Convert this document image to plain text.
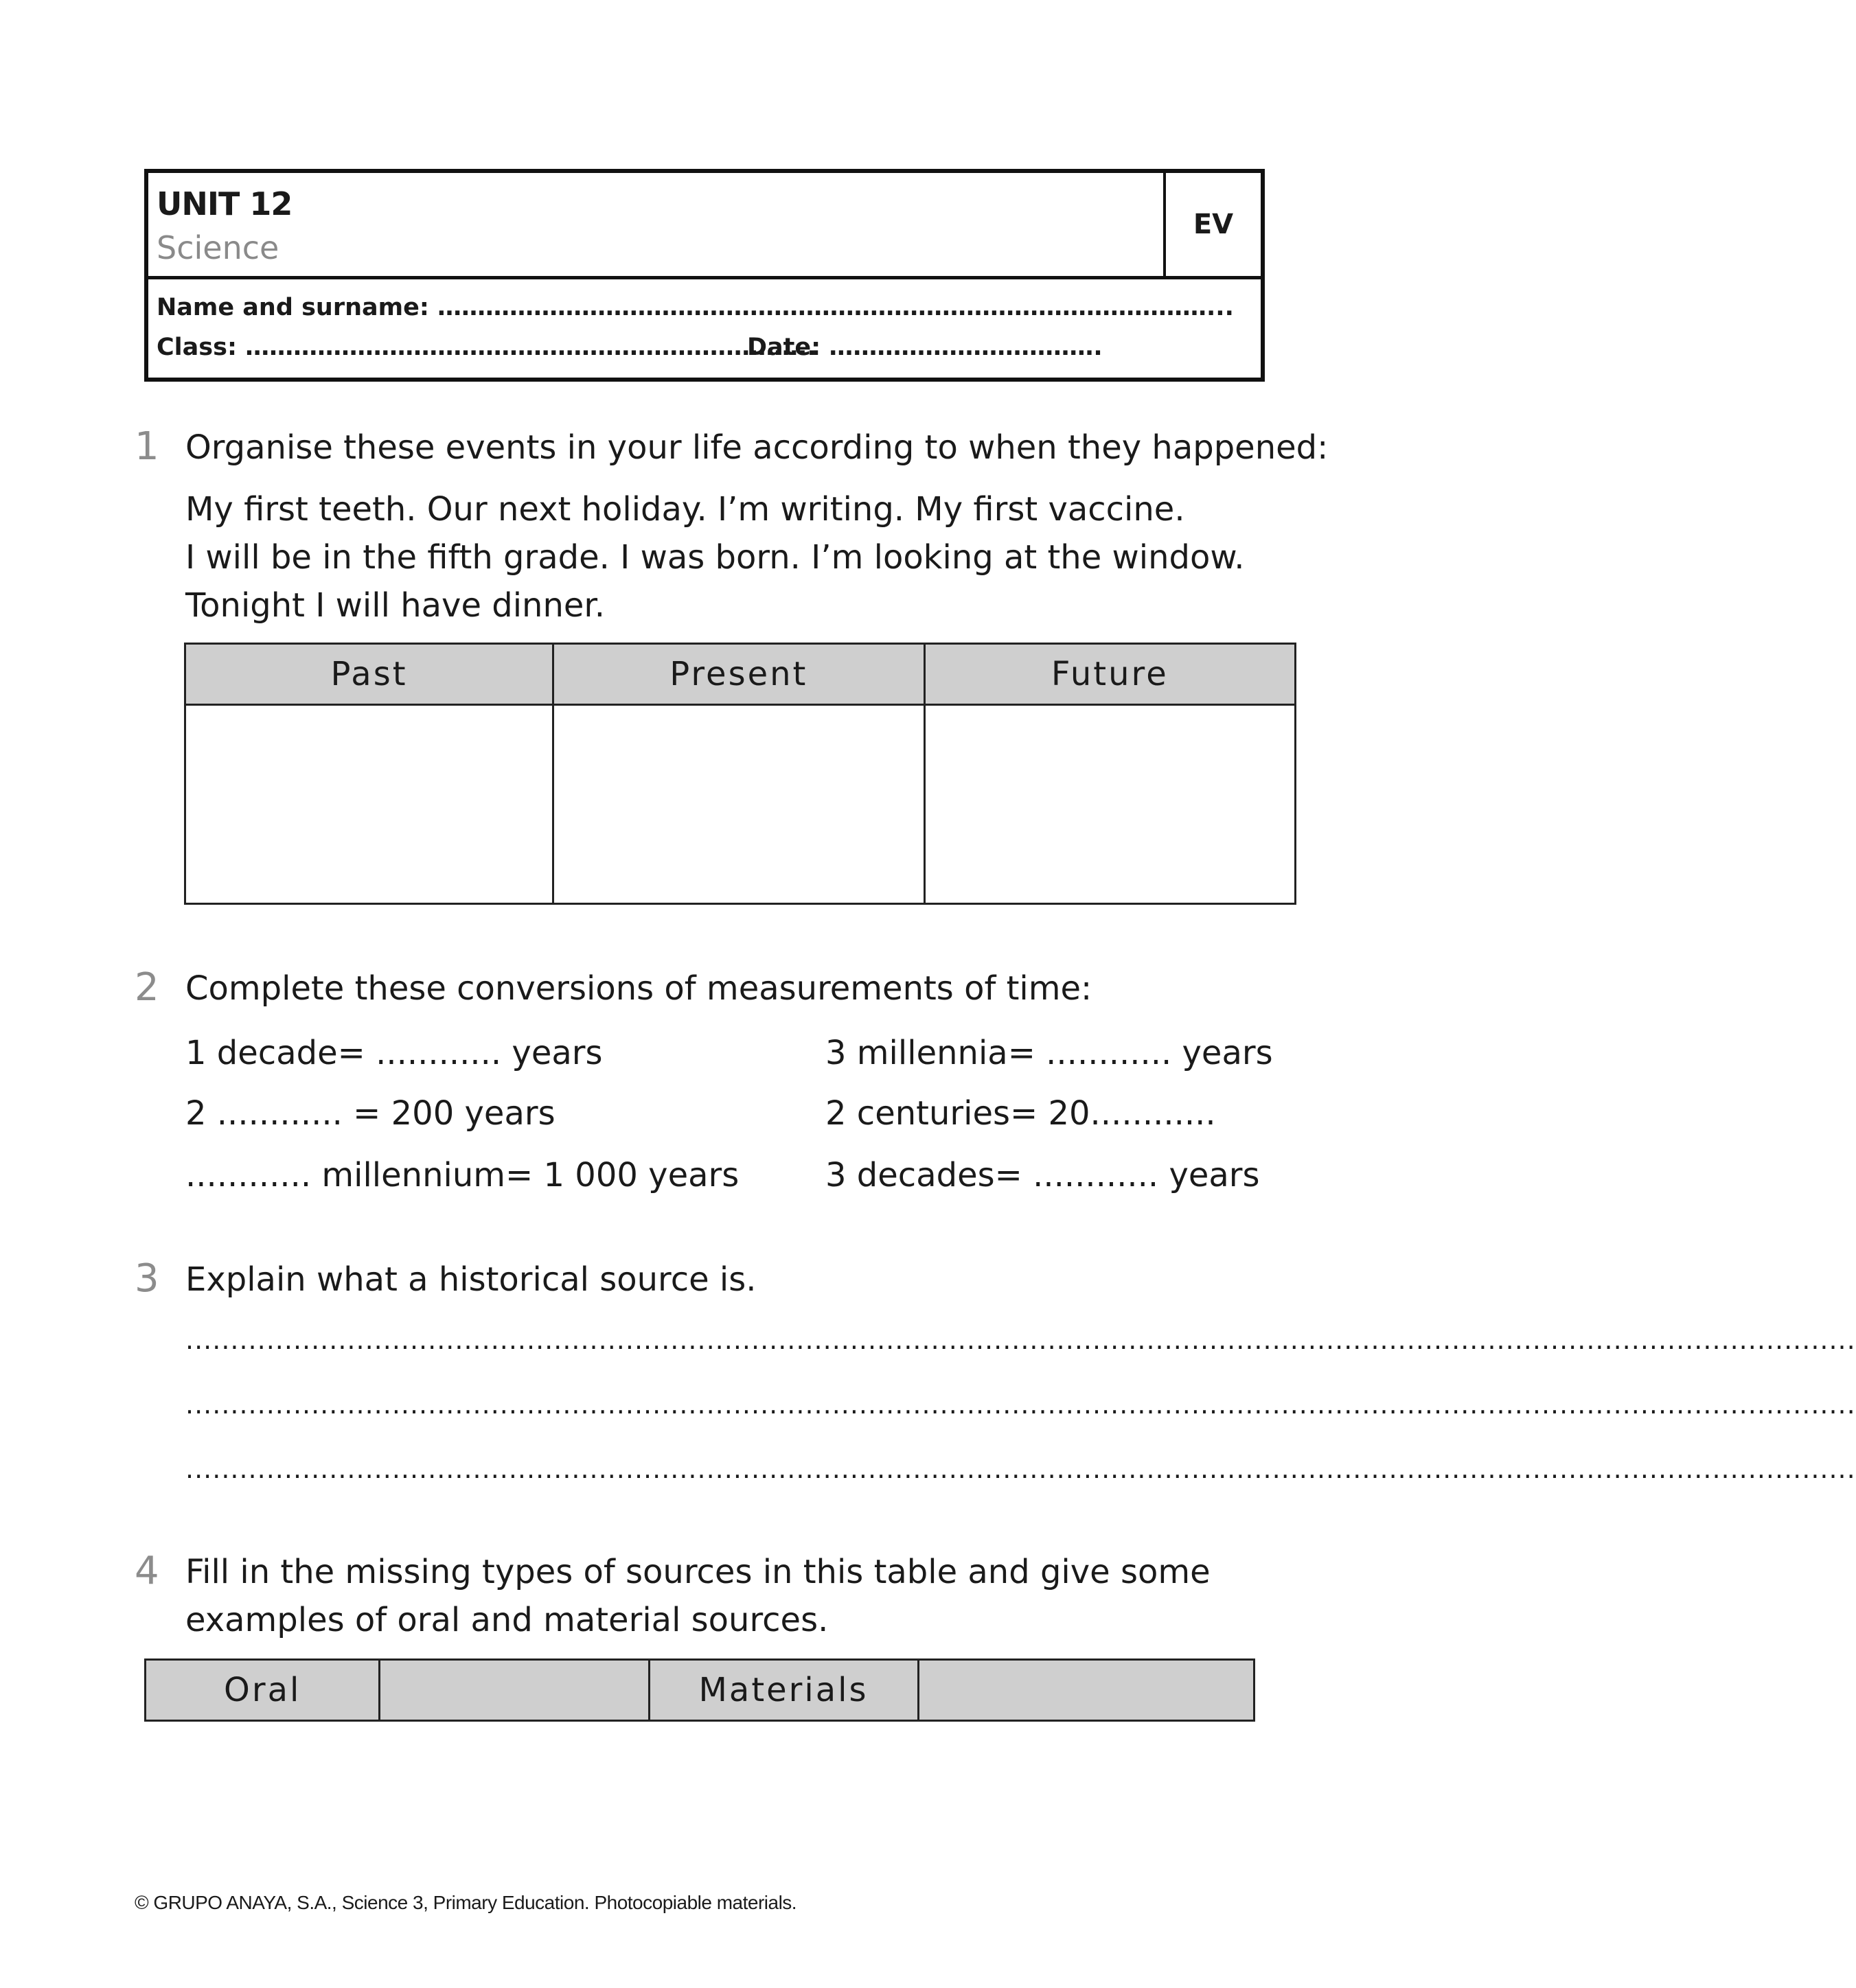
UNIT 12
Science
EV
Name and surname: ……………………………………………………………………………………...
Class: ……………………………………………………………..
Date: …………………………….
1 Organise these events in your life according to when they happened:
My first teeth. Our next holiday. I’m writing. My first vaccine.
I will be in the fifth grade. I was born. I’m looking at the window.
Tonight I will have dinner.
Past	Present	Future

2 Complete these conversions of measurements of time:
1 decade= ............ years
2 ............ = 200 years
............ millennium= 1 000 years
3 millennia= ............ years
2 centuries= 20............
3 decades= ............ years
3 Explain what a historical source is.
..........................................................................................................................................................................................
..........................................................................................................................................................................................
..........................................................................................................................................................................................
4 Fill in the missing types of sources in this table and give some
examples of oral and material sources.
Oral		Materials	
© GRUPO ANAYA, S.A., Science 3, Primary Education. Photocopiable materials.
